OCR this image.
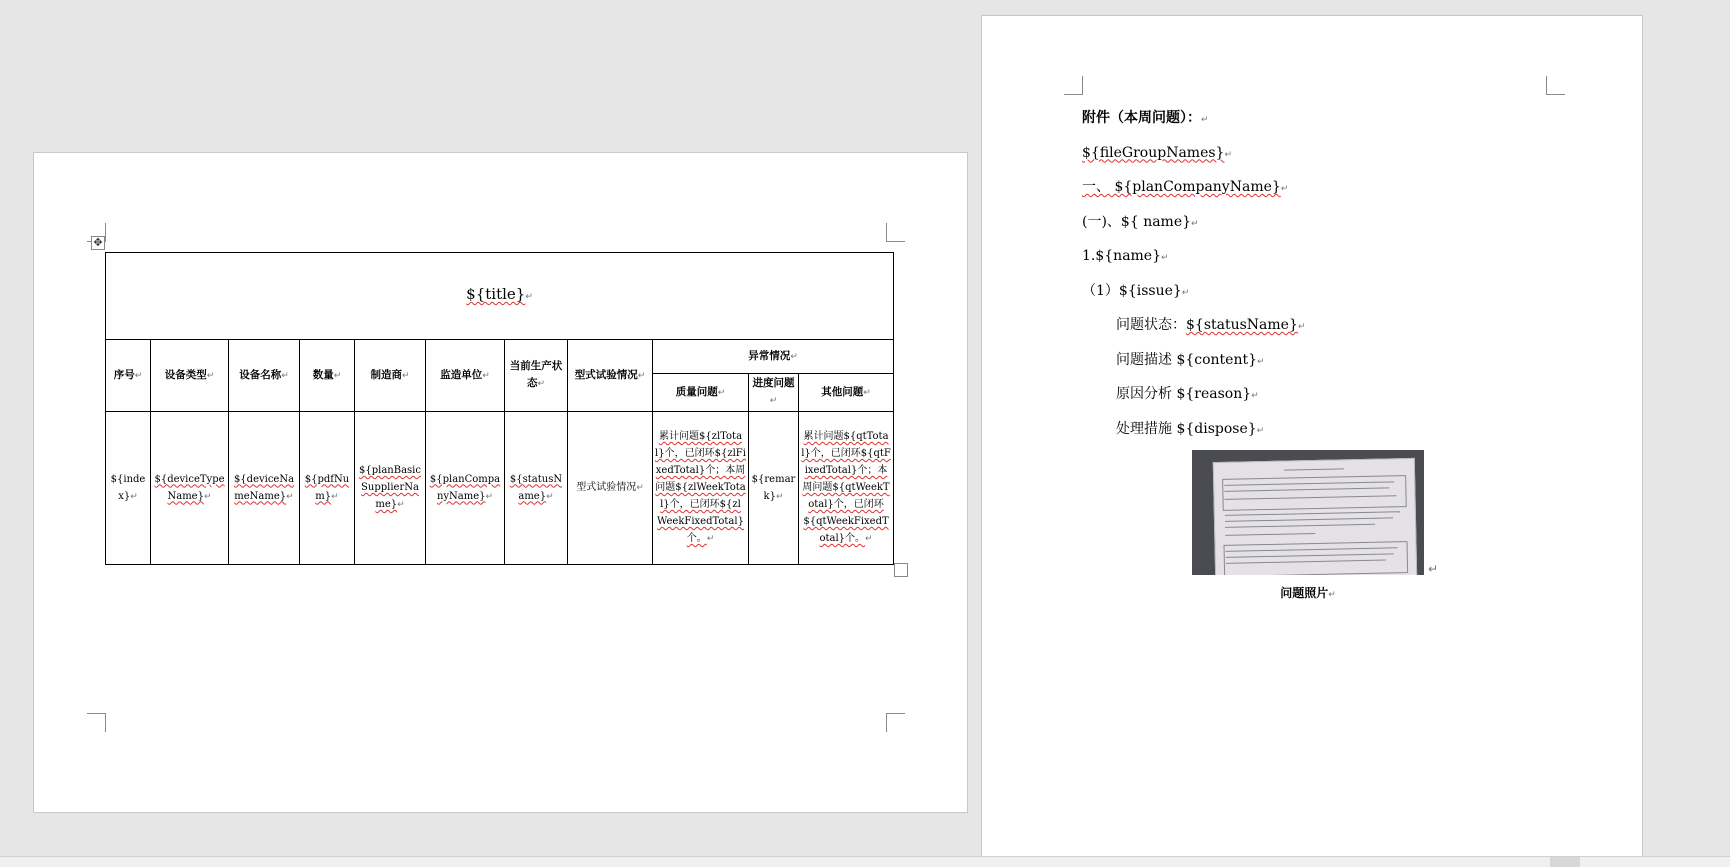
✥
${title}↵										
序号↵	设备类型↵	设备名称↵	数量↵	制造商↵	监造单位↵	当前生产状态↵	型式试验情况↵	异常情况↵		
								质量问题↵	进度问题↵	其他问题↵
${index}↵	${deviceTypeName}↵	${deviceNameName}↵	${pdfNum}↵	${planBasicSupplierName}↵	${planCompanyName}↵	${statusName}↵	型式试验情况↵	累计问题${zlTotal}个，已闭环${zlFixedTotal}个；本周问题${zlWeekTotal}个，已闭环${zlWeekFixedTotal}个。↵	${remark}↵	累计问题${qtTotal}个，已闭环${qtFixedTotal}个；本周问题${qtWeekTotal}个，已闭环${qtWeekFixedTotal}个。↵
附件（本周问题）：↵
${fileGroupNames}↵
一、 ${planCompanyName}↵
(一)、${ name}↵
1.${name}↵
（1）${issue}↵
问题状态：${statusName}↵
问题描述 ${content}↵
原因分析 ${reason}↵
处理措施 ${dispose}↵
↵
问题照片↵
